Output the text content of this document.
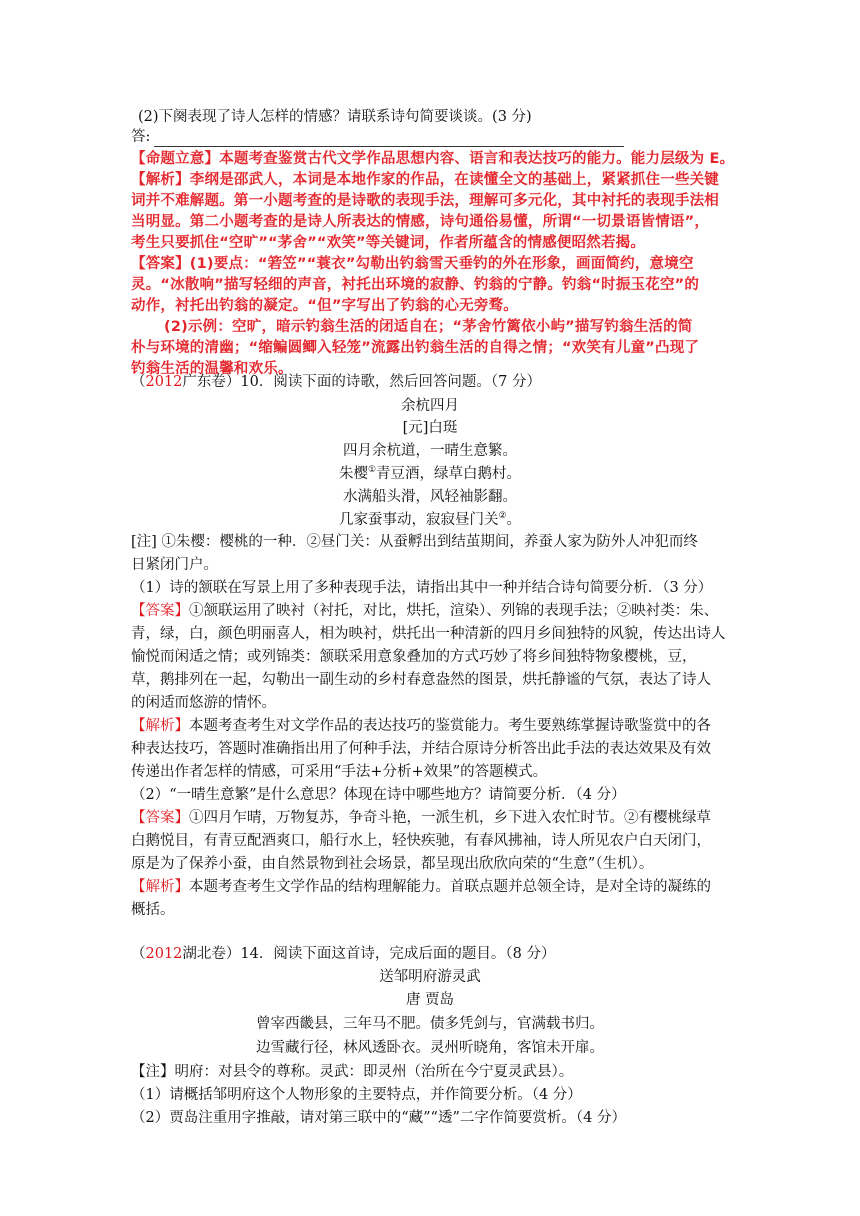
(2)下阕表现了诗人怎样的情感？请联系诗句简要谈谈。(3 分)
答:
【命题立意】本题考查鉴赏古代文学作品思想内容、语言和表达技巧的能力。能力层级为 E。
【解析】李纲是邵武人，本词是本地作家的作品，在读懂全文的基础上，紧紧抓住一些关键
词并不难解题。第一小题考查的是诗歌的表现手法，理解可多元化，其中衬托的表现手法相
当明显。第二小题考查的是诗人所表达的情感，诗句通俗易懂，所谓“一切景语皆情语”，
考生只要抓住“空旷”“茅舍”“欢笑”等关键词，作者所蕴含的情感便昭然若揭。
【答案】(1)要点：“箬笠”“蓑衣”勾勒出钓翁雪天垂钓的外在形象，画面简约，意境空
灵。“冰散响”描写轻细的声音，衬托出环境的寂静、钓翁的宁静。钓翁“时振玉花空”的
动作，衬托出钓翁的凝定。“但”字写出了钓翁的心无旁骛。
(2)示例：空旷，暗示钓翁生活的闭适自在；“茅舍竹篱依小屿”描写钓翁生活的简
朴与环境的清幽；“缩鳊圆鲫入轻笼”流露出钓翁生活的自得之情；“欢笑有儿童”凸现了
钓翁生活的温馨和欢乐。
（2012广东卷）10．阅读下面的诗歌，然后回答问题。（7 分）
余杭四月
[元]白珽
四月余杭道，一晴生意繁。
朱樱①青豆酒，绿草白鹅村。
水满船头滑，风轻袖影翻。
几家蚕事动，寂寂昼门关②。
[注] ①朱樱：樱桃的一种．②昼门关：从蚕孵出到结茧期间，养蚕人家为防外人冲犯而终
日紧闭门户。
（1）诗的颔联在写景上用了多种表现手法，请指出其中一种并结合诗句简要分析．（3 分）
【答案】①颔联运用了映衬（衬托，对比，烘托，渲染）、列锦的表现手法；②映衬类：朱、
青，绿，白，颜色明丽喜人，相为映衬，烘托出一种清新的四月乡间独特的风貌，传达出诗人
愉悦而闲适之情；或列锦类：颔联采用意象叠加的方式巧妙了将乡间独特物象樱桃，豆，
草，鹅排列在一起，勾勒出一副生动的乡村春意盎然的图景，烘托静谧的气氛，表达了诗人
的闲适而悠游的情怀。
【解析】本题考查考生对文学作品的表达技巧的鉴赏能力。考生要熟练掌握诗歌鉴赏中的各
种表达技巧，答题时准确指出用了何种手法，并结合原诗分析答出此手法的表达效果及有效
传递出作者怎样的情感，可采用“手法+分析+效果”的答题模式。
（2）“一晴生意繁”是什么意思？体现在诗中哪些地方？请简要分析．（4 分）
【答案】①四月乍晴，万物复苏，争奇斗艳，一派生机，乡下进入农忙时节。②有樱桃绿草
白鹅悦目，有青豆配酒爽口，船行水上，轻快疾驰，有春风拂袖，诗人所见农户白天闭门，
原是为了保养小蚕，由自然景物到社会场景，都呈现出欣欣向荣的“生意”（生机）。
【解析】本题考查考生文学作品的结构理解能力。首联点题并总领全诗，是对全诗的凝练的
概括。
（2012湖北卷）14．阅读下面这首诗，完成后面的题目。（8 分）
送邹明府游灵武
唐 贾岛
曾宰西畿县，三年马不肥。债多凭剑与，官满载书归。
边雪藏行径，林风透卧衣。灵州听晓角，客馆未开扉。
【注】明府：对县令的尊称。灵武：即灵州（治所在今宁夏灵武县）。
（1）请概括邹明府这个人物形象的主要特点，并作简要分析。（4 分）
（2）贾岛注重用字推敲，请对第三联中的“藏”“透”二字作简要赏析。（4 分）
